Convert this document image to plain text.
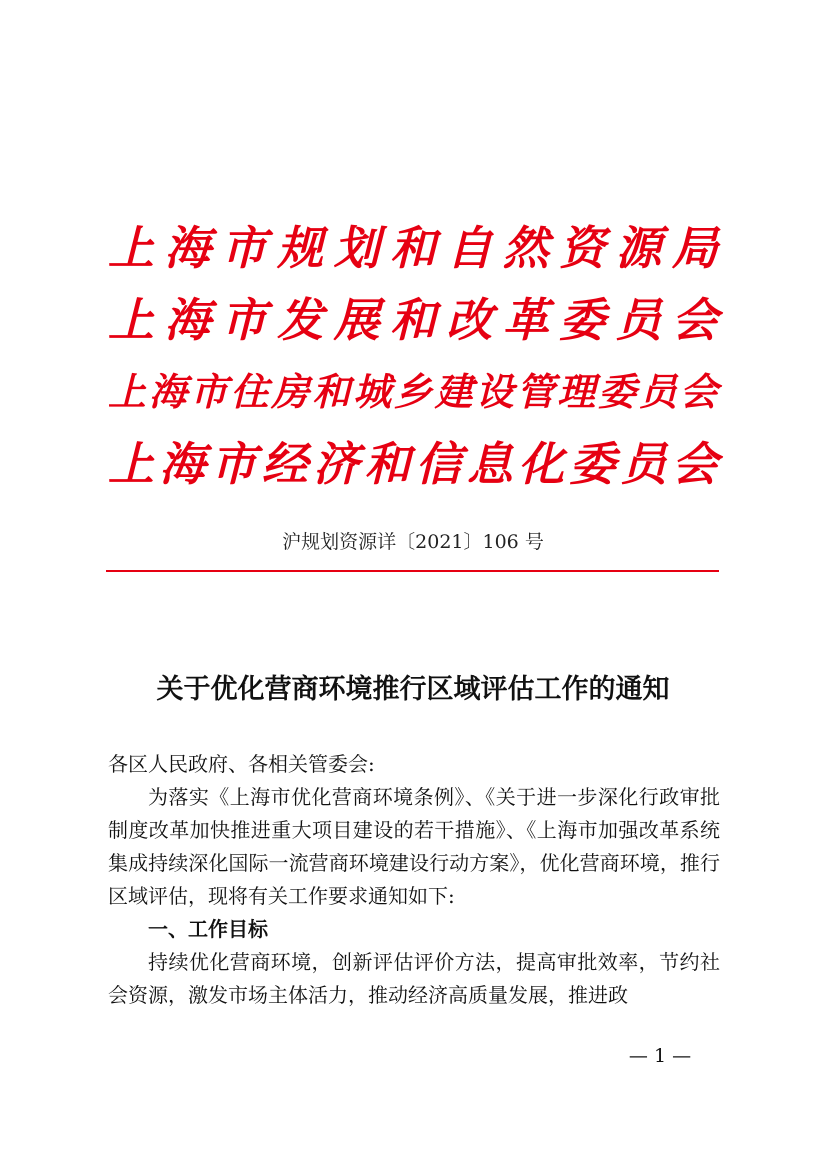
上 海 市 规 划 和 自 然 资 源 局
上 海 市 发 展 和 改 革 委 员 会
上 海 市 住 房 和 城 乡 建 设 管 理 委 员 会
上 海 市 经 济 和 信 息 化 委 员 会
沪规划资源详〔2021〕106 号
关于优化营商环境推行区域评估工作的通知

各区人民政府、各相关管委会:

为落实《上海市优化营商环境条例》、《关于进一步深化行政审批制度改革加快推进重大项目建设的若干措施》、《上海市加强改革系统集成持续深化国际一流营商环境建设行动方案》，优化营商环境，推行区域评估，现将有关工作要求通知如下:

一、工作目标

持续优化营商环境，创新评估评价方法，提高审批效率，节约社会资源，激发市场主体活力，推动经济高质量发展，推进政

— 1 —
